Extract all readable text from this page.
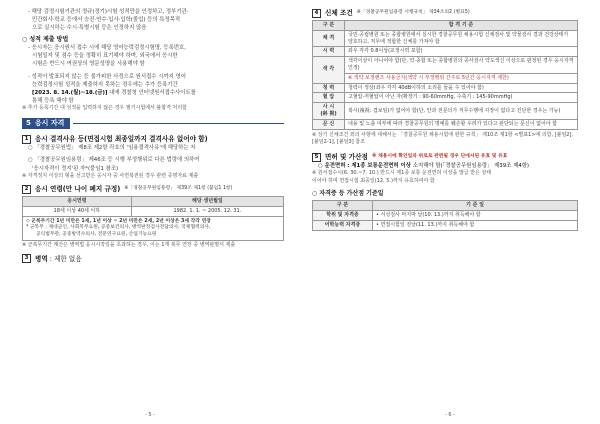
- 해당 검정시험기관의 정규(정기)시험 성적만을 인정하고, 정부기관·
민간회사·학교 등에서 승진·연수·입사·입학(졸업) 등의 특정목적
으로 실시하는 수시·특별시험 등은 인정하지 않음
○ 성적 제출 방법
- 응시자는 응시원서 접수 시에 해당 영어능력검정시험명, 등록번호,
시험일자 및 점수 등을 정확히 표기해야 하며, 외국에서 응시한
시험은 반드시 여권상의 영문성명을 사용해야 함
- 성적이 발표되지 않는 등 불가피한 사정으로 원서접수 시까지 영어
능력검정시험 성적을 제출하지 못하는 경우에는 추가 등록기간
[2023. 8. 14.(월)~18.(금)] 내에 경찰청 인터넷원서접수사이트를
통해 등록 해야 함
※ 추가 등록기간 내 성적을 입력하지 않은 경우 필기시험에서 불합격 처리함
5 응시 자격
1	응시 결격사유 등(면접시험 최종일까지 결격사유 없어야 함)
○ 「경찰공무원법」 제8조 제2항 각호의 '임용결격사유'에 해당하는 자
○ 「경찰공무원임용령」 제46조 등 시행 부정행위로 다른 법령에 의하여
'응시자격이 정지'된 자*(붙임1 참조)
※ 자격정지 이상의 형을 선고받은 응시자 중 사면복권된 경우 관련 증명자료 제출
2	응시 연령(만 나이 폐지 규정) ※「경찰공무원임용령」 제39조 제1항 (붙임1 1항)
응시연령	해당 생년월일
18세 이상 40세 이하	1982. 1. 1. ~ 2005. 12. 31.
◇ 군복무기간 1년 미만은 1세, 1년 이상 ~ 2년 미만은 2세, 2년 이상은 3세 각각 연장
* 군복무 : 제대군인, 사회복무요원, 공중보건의사, 병역판정검사전담의사, 국제협력의사,
공익법무관, 공중방역수의사, 전문연구요원, 산업기능요원
※ 군복무기간 계산은 병역법 응시시작일을 초과하는 경우, 이는 1개 복무 연장 중 병역판명서 제출
3	병역 : 제한 없음
- 5 -
4	신체 조건 ※「경찰공무원임용령 시행규칙」 제34조의2 (별표5)
구 분	합 격 기 준
체 격	국민·공립병원 또는 종합병원에서 실시한 경찰공무원 채용시험 신체검사 및 약물검사 결과 건강상태가 양호하고, 직무에 적합한 신체를 가져야 함
시 력	좌우 각각 0.8이상(교정시력 포함)
색 각	색각이상이 아니어야 함(단, 약·종합 또는 종합병원의 공사검사 약도색신 이상으로 판정된 경우 응시자격 인정)
	※ 색약 보정렌즈 사용금지(색약 시 부정행위 간주로 5년간 응시자격 제한)
청 력	청력이 정상(좌우 각각 40dB이하의 소리를 들을 수 있어야 함)
혈 압	고혈압·저혈압이 아닌 자(확장기 : 90-60mmHg, 수축기 : 145-90mmHg)
사 시
(斜 視)	복시(複視: 겹보임)가 없어야 함(단, 안과 전문의가 직무수행에 지장이 없다고 진단한 경우는 가능)
문 신	내용 및 노출 여부에 따라 경찰공무원의 명예를 훼손할 우려가 있다고 판단되는 문신이 없어야 함
※ 상기 신체조건 외의 사항에 대해서는 「경찰공무원 채용시험에 관한 규칙」 제10조 제1항 <별표1>에 의함, [붙임2], [붙임2-1], [붙임3] 참조
5	면허 및 가산점 ※ 채용시에 확인일과 위로로 관련될 경우 단에서된 유효 및 유효
○ 운전면허 : 제1종 보통운전면허 이상 소지해야 함(「경찰공무원임용령」 제39조 제4항)
※ 원서접수시(6. 30.~7. 10.) 반드시 제1종 보통 운전면허 이상을 발급 받은 상태
이어야 하며 면접시험 최종일(12. 5.)까지 유효하여야 함
○ 자격증 등 가산점 기준일
구 분	기 준 일
학위 및 자격증	• 서성검사 마지막 날(10. 13.)까지 취득해야 함
어학능력 자격증	• 면접시험일 전날(11. 13.)까지 취득해야 함
- 6 -
